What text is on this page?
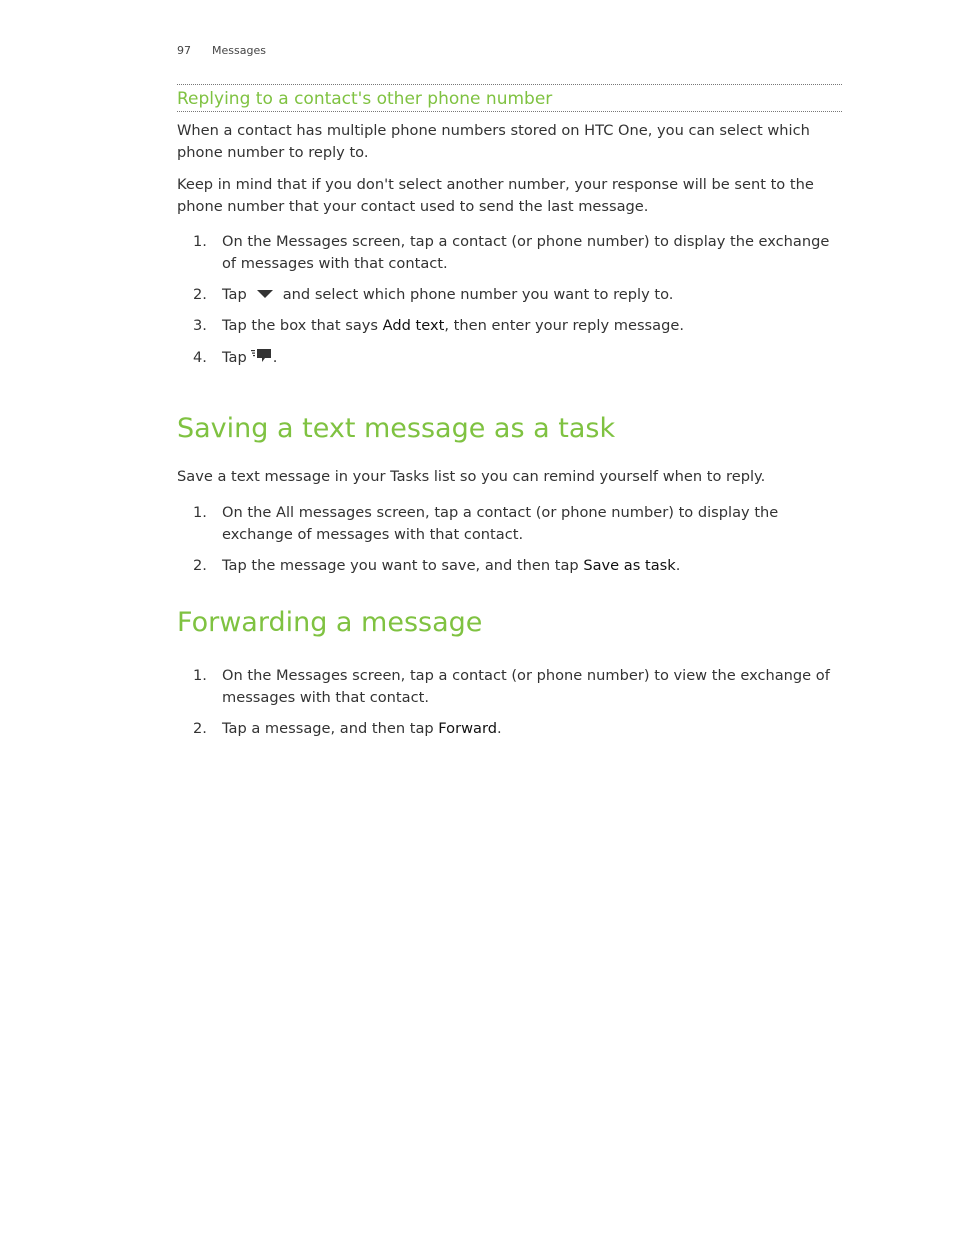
97 Messages
Replying to a contact's other phone number

When a contact has multiple phone numbers stored on HTC One, you can select which phone number to reply to.

Keep in mind that if you don't select another number, your response will be sent to the phone number that your contact used to send the last message.

1.	On the Messages screen, tap a contact (or phone number) to display the exchange of messages with that contact.
2.	Tap and select which phone number you want to reply to.
3.	Tap the box that says Add text, then enter your reply message.
4.	Tap .
Saving a text message as a task

Save a text message in your Tasks list so you can remind yourself when to reply.

1.	On the All messages screen, tap a contact (or phone number) to display the exchange of messages with that contact.
2.	Tap the message you want to save, and then tap Save as task.
Forwarding a message
1.	On the Messages screen, tap a contact (or phone number) to view the exchange of messages with that contact.
2.	Tap a message, and then tap Forward.
